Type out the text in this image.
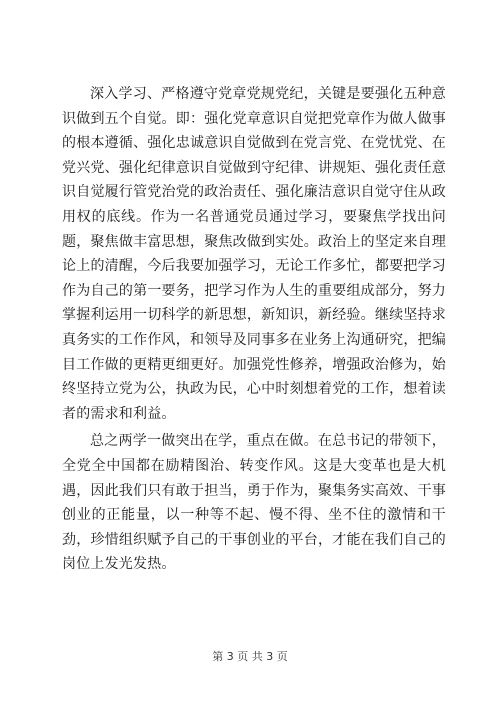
深入学习、严格遵守党章党规党纪，关键是要强化五种意识做到五个自觉。即：强化党章意识自觉把党章作为做人做事的根本遵循、强化忠诚意识自觉做到在党言党、在党忧党、在党兴党、强化纪律意识自觉做到守纪律、讲规矩、强化责任意识自觉履行管党治党的政治责任、强化廉洁意识自觉守住从政用权的底线。作为一名普通党员通过学习，要聚焦学找出问题，聚焦做丰富思想，聚焦改做到实处。政治上的坚定来自理论上的清醒，今后我要加强学习，无论工作多忙，都要把学习作为自己的第一要务，把学习作为人生的重要组成部分，努力掌握利运用一切科学的新思想，新知识，新经验。继续坚持求真务实的工作作风，和领导及同事多在业务上沟通研究，把编目工作做的更精更细更好。加强党性修养，增强政治修为，始终坚持立党为公，执政为民，心中时刻想着党的工作，想着读者的需求和利益。

总之两学一做突出在学，重点在做。在总书记的带领下，全党全中国都在励精图治、转变作风。这是大变革也是大机遇，因此我们只有敢于担当，勇于作为，聚集务实高效、干事创业的正能量，以一种等不起、慢不得、坐不住的激情和干劲，珍惜组织赋予自己的干事创业的平台，才能在我们自己的岗位上发光发热。

第 3 页 共 3 页
